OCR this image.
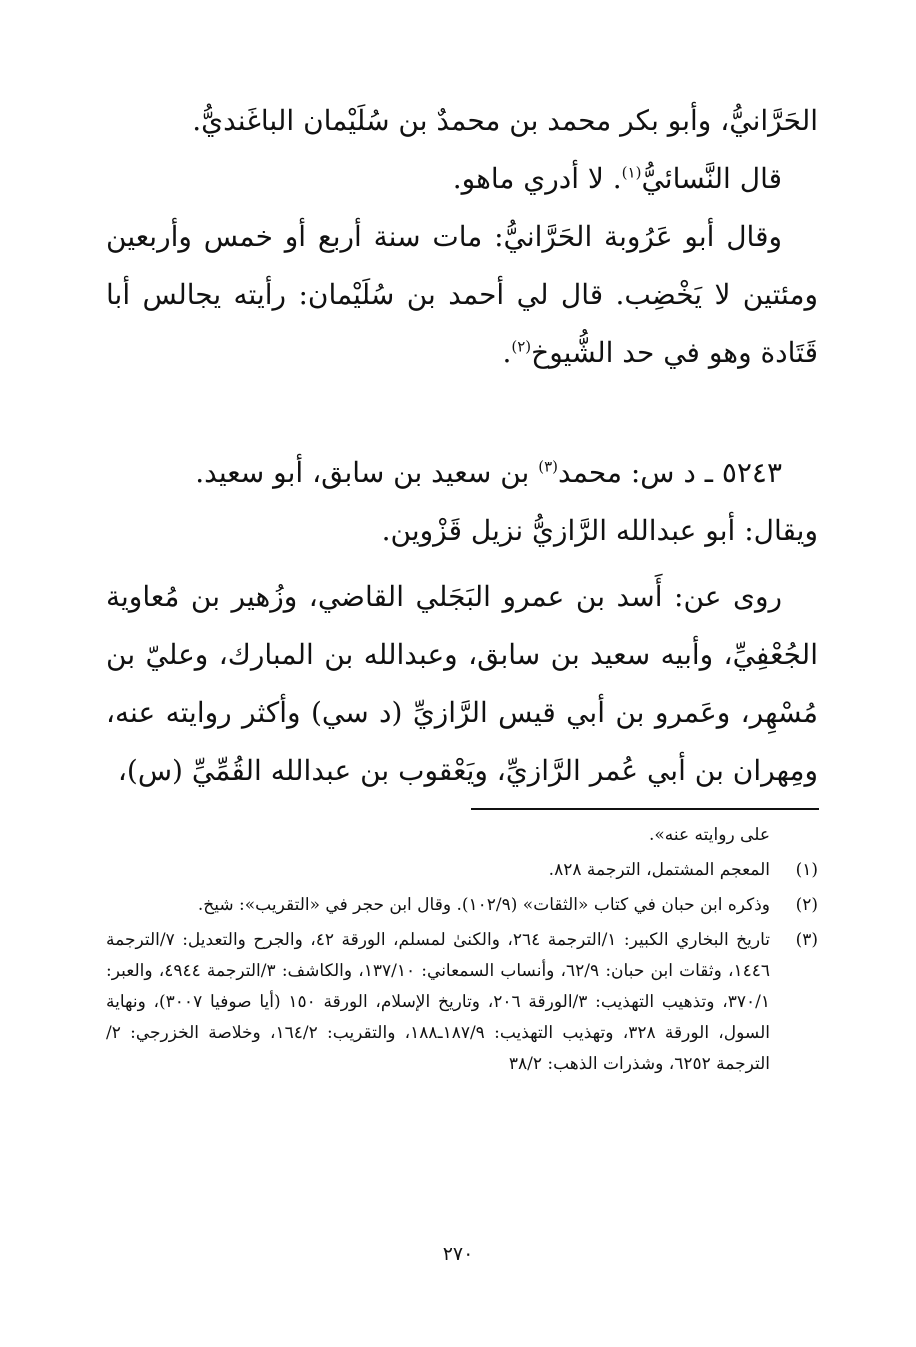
الحَرَّانيُّ، وأبو بكر محمد بن محمدٌ بن سُلَيْمان الباغَنديُّ.

قال النَّسائيُّ$^{(١)}$. لا أدري ماهو.

وقال أبو عَرُوبة الحَرَّانيُّ: مات سنة أربع أو خمس وأربعين ومئتين لا يَخْضِب. قال لي أحمد بن سُلَيْمان: رأيته يجالس أبا قَتَادة وهو في حد الشُّيوخ$^{(٢)}$.

٥٢٤٣ ـ د س: محمد$^{(٣)}$ بن سعيد بن سابق، أبو سعيد.

ويقال: أبو عبدالله الرَّازيُّ نزيل قَزْوين.

روى عن: أَسد بن عمرو البَجَلي القاضي، وزُهير بن مُعاوية الجُعْفِيِّ، وأبيه سعيد بن سابق، وعبدالله بن المبارك، وعليّ بن مُسْهِر، وعَمرو بن أبي قيس الرَّازيِّ (د سي) وأكثر روايته عنه، ومِهران بن أبي عُمر الرَّازيِّ، ويَعْقوب بن عبدالله القُمِّيِّ (س)،

على روايته عنه».

(١)
المعجم المشتمل، الترجمة ٨٢٨.
(٢)
وذكره ابن حبان في كتاب «الثقات» (١٠٢/٩). وقال ابن حجر في «التقريب»: شيخ.
(٣)
تاريخ البخاري الكبير: ١/الترجمة ٢٦٤، والكنىٰ لمسلم، الورقة ٤٢، والجرح والتعديل: ٧/الترجمة ١٤٤٦، وثقات ابن حبان: ٦٢/٩، وأنساب السمعاني: ١٣٧/١٠، والكاشف: ٣/الترجمة ٤٩٤٤، والعبر: ٣٧٠/١، وتذهيب التهذيب: ٣/الورقة ٢٠٦، وتاريخ الإسلام، الورقة ١٥٠ (أيا صوفيا ٣٠٠٧)، ونهاية السول، الورقة ٣٢٨، وتهذيب التهذيب: ١٨٧/٩ـ١٨٨، والتقريب: ١٦٤/٢، وخلاصة الخزرجي: ٢/الترجمة ٦٢٥٢، وشذرات الذهب: ٣٨/٢
٢٧٠
